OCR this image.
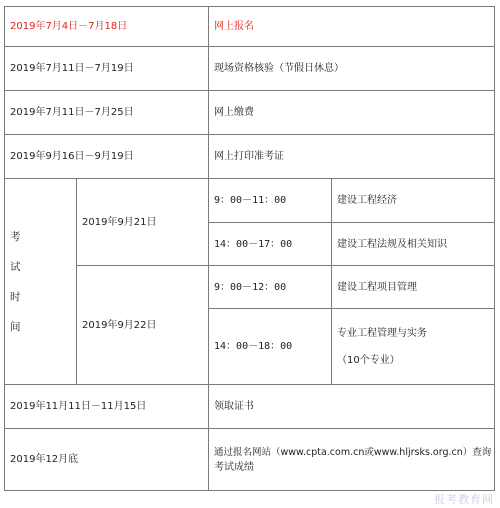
2019年7月4日－7月18日		网上报名	
2019年7月11日－7月19日		现场资格核验（节假日休息）	
2019年7月11日－7月25日		网上缴费	
2019年9月16日－9月19日		网上打印准考证	

考
试
时
间	2019年9月21日	9：00－11：00	建设工程经济
		14：00－17：00	建设工程法规及相关知识
	2019年9月22日	9：00－12：00	建设工程项目管理
		14：00－18：00	专业工程管理与实务
（10个专业）

2019年11月11日－11月15日		领取证书	
2019年12月底		通过报名网站（www.cpta.com.cn或www.hljrsks.org.cn）查询
考试成绩	
报考教育网
